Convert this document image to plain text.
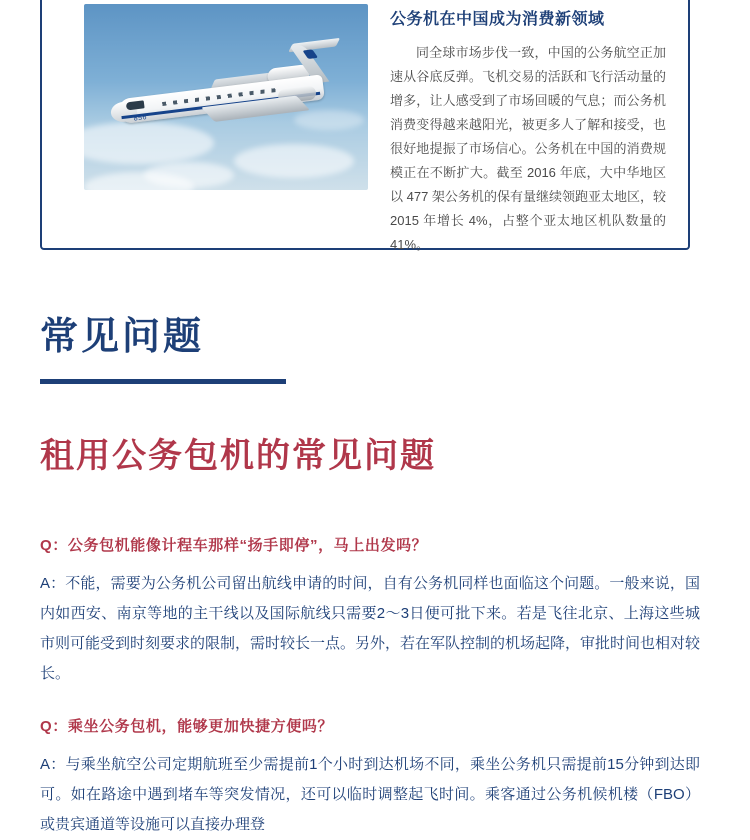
856
公务机在中国成为消费新领域
同全球市场步伐一致，中国的公务航空正加速从谷底反弹。飞机交易的活跃和飞行活动量的增多，让人感受到了市场回暖的气息；而公务机消费变得越来越阳光，被更多人了解和接受，也很好地提振了市场信心。公务机在中国的消费规模正在不断扩大。截至 2016 年底，大中华地区以 477 架公务机的保有量继续领跑亚太地区，较 2015 年增长 4%，占整个亚太地区机队数量的 41%。
常见问题
租用公务包机的常见问题
Q：公务包机能像计程车那样“扬手即停”，马上出发吗？
A：不能，需要为公务机公司留出航线申请的时间，自有公务机同样也面临这个问题。一般来说，国内如西安、南京等地的主干线以及国际航线只需要2～3日便可批下来。若是飞往北京、上海这些城市则可能受到时刻要求的限制，需时较长一点。另外，若在军队控制的机场起降，审批时间也相对较长。
Q：乘坐公务包机，能够更加快捷方便吗？
A：与乘坐航空公司定期航班至少需提前1个小时到达机场不同，乘坐公务机只需提前15分钟到达即可。如在路途中遇到堵车等突发情况，还可以临时调整起飞时间。乘客通过公务机候机楼（FBO）或贵宾通道等设施可以直接办理登
